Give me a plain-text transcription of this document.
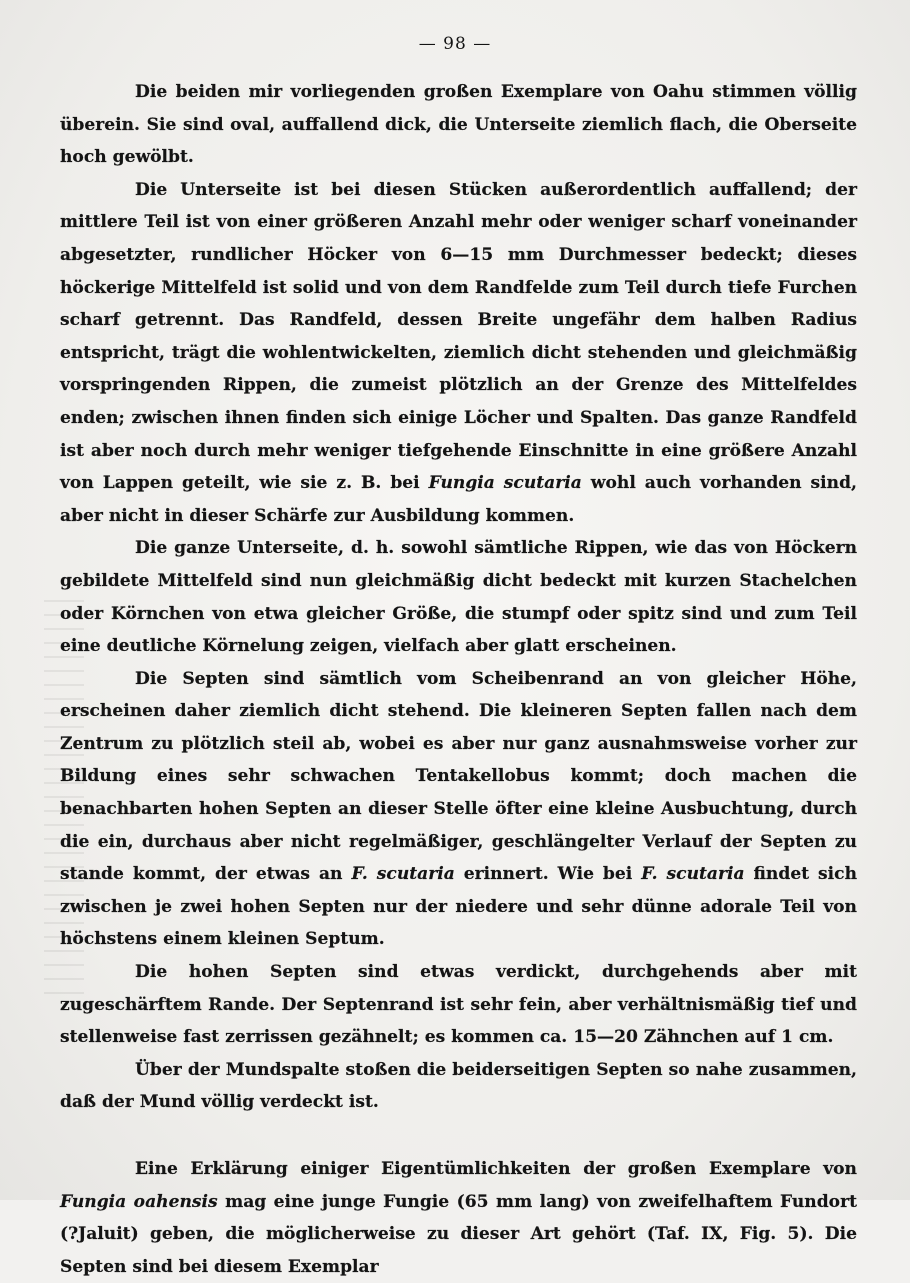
— 98 —

Die beiden mir vorliegenden großen Exemplare von Oahu stimmen völlig überein. Sie sind oval, auffallend dick, die Unterseite ziemlich flach, die Oberseite hoch gewölbt.

Die Unterseite ist bei diesen Stücken außerordentlich auffallend; der mittlere Teil ist von einer größeren Anzahl mehr oder weniger scharf voneinander abgesetzter, rundlicher Höcker von 6—15 mm Durchmesser bedeckt; dieses höckerige Mittelfeld ist solid und von dem Randfelde zum Teil durch tiefe Furchen scharf getrennt. Das Randfeld, dessen Breite ungefähr dem halben Radius entspricht, trägt die wohlentwickelten, ziemlich dicht stehenden und gleichmäßig vorspringenden Rippen, die zumeist plötzlich an der Grenze des Mittelfeldes enden; zwischen ihnen finden sich einige Löcher und Spalten. Das ganze Randfeld ist aber noch durch mehr weniger tiefgehende Einschnitte in eine größere Anzahl von Lappen geteilt, wie sie z. B. bei Fungia scutaria wohl auch vorhanden sind, aber nicht in dieser Schärfe zur Ausbildung kommen.

Die ganze Unterseite, d. h. sowohl sämtliche Rippen, wie das von Höckern gebildete Mittelfeld sind nun gleichmäßig dicht bedeckt mit kurzen Stachelchen oder Körnchen von etwa gleicher Größe, die stumpf oder spitz sind und zum Teil eine deutliche Körnelung zeigen, vielfach aber glatt erscheinen.

Die Septen sind sämtlich vom Scheibenrand an von gleicher Höhe, erscheinen daher ziemlich dicht stehend. Die kleineren Septen fallen nach dem Zentrum zu plötzlich steil ab, wobei es aber nur ganz ausnahmsweise vorher zur Bildung eines sehr schwachen Tentakellobus kommt; doch machen die benachbarten hohen Septen an dieser Stelle öfter eine kleine Ausbuchtung, durch die ein, durchaus aber nicht regelmäßiger, geschlängelter Verlauf der Septen zu stande kommt, der etwas an F. scutaria erinnert. Wie bei F. scutaria findet sich zwischen je zwei hohen Septen nur der niedere und sehr dünne adorale Teil von höchstens einem kleinen Septum.

Die hohen Septen sind etwas verdickt, durchgehends aber mit zugeschärftem Rande. Der Septenrand ist sehr fein, aber verhältnismäßig tief und stellenweise fast zerrissen gezähnelt; es kommen ca. 15—20 Zähnchen auf 1 cm.

Über der Mundspalte stoßen die beiderseitigen Septen so nahe zusammen, daß der Mund völlig verdeckt ist.

Eine Erklärung einiger Eigentümlichkeiten der großen Exemplare von Fungia oahensis mag eine junge Fungie (65 mm lang) von zweifelhaftem Fundort (?Jaluit) geben, die möglicherweise zu dieser Art gehört (Taf. IX, Fig. 5). Die Septen sind bei diesem Exemplar
